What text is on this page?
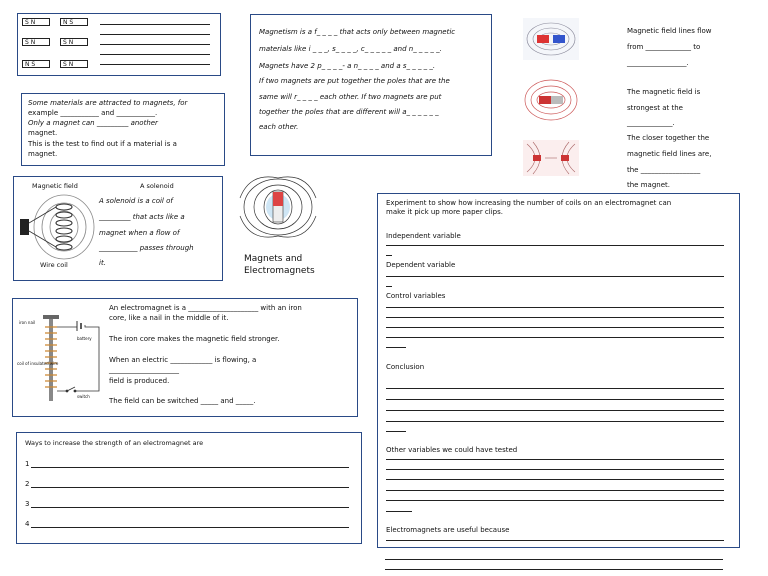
S N	N S
S N	S N
N S	S N
Magnetism is a f_ _ _ _ that acts only between magnetic
materials like i _ _ _, s_ _ _ _, c_ _ _ _ _ and n_ _ _ _ _.
Magnets have 2 p_ _ _ _- a n_ _ _ _ and a s_ _ _ _ _.
If two magnets are put together the poles that are the
same will r_ _ _ _ each other. If two magnets are put
together the poles that are different will a_ _ _ _ _ _
each other.
Magnetic field lines flow
from _____________ to
_________________.
The magnetic field is
strongest at the
_____________.
The closer together the
magnetic field lines are,
the _________________
the magnet.
Some materials are attracted to magnets, for
example ___________ and ___________.
Only a magnet can _________ another
magnet.
This is the test to find out if a material is a
magnet.
Magnetic field	A solenoid
Wire coil
A solenoid is a coil of
_________ that acts like a
magnet when a flow of
___________ passes through
it.	Magnets and
Electromagnets
Experiment to show how increasing the number of coils on an electromagnet can
make it pick up more paper clips.
Independent variable
Dependent variable
Control variables
Conclusion
Other variables we could have tested
Electromagnets are useful because
iron nail
battery
coil of insulated wire
switch
An electromagnet is a ____________________ with an iron
core, like a nail in the middle of it.
The iron core makes the magnetic field stronger.
When an electric ____________ is flowing, a
____________________
field is produced.
The field can be switched _____ and _____.
Ways to increase the strength of an electromagnet are
1
2
3
4
